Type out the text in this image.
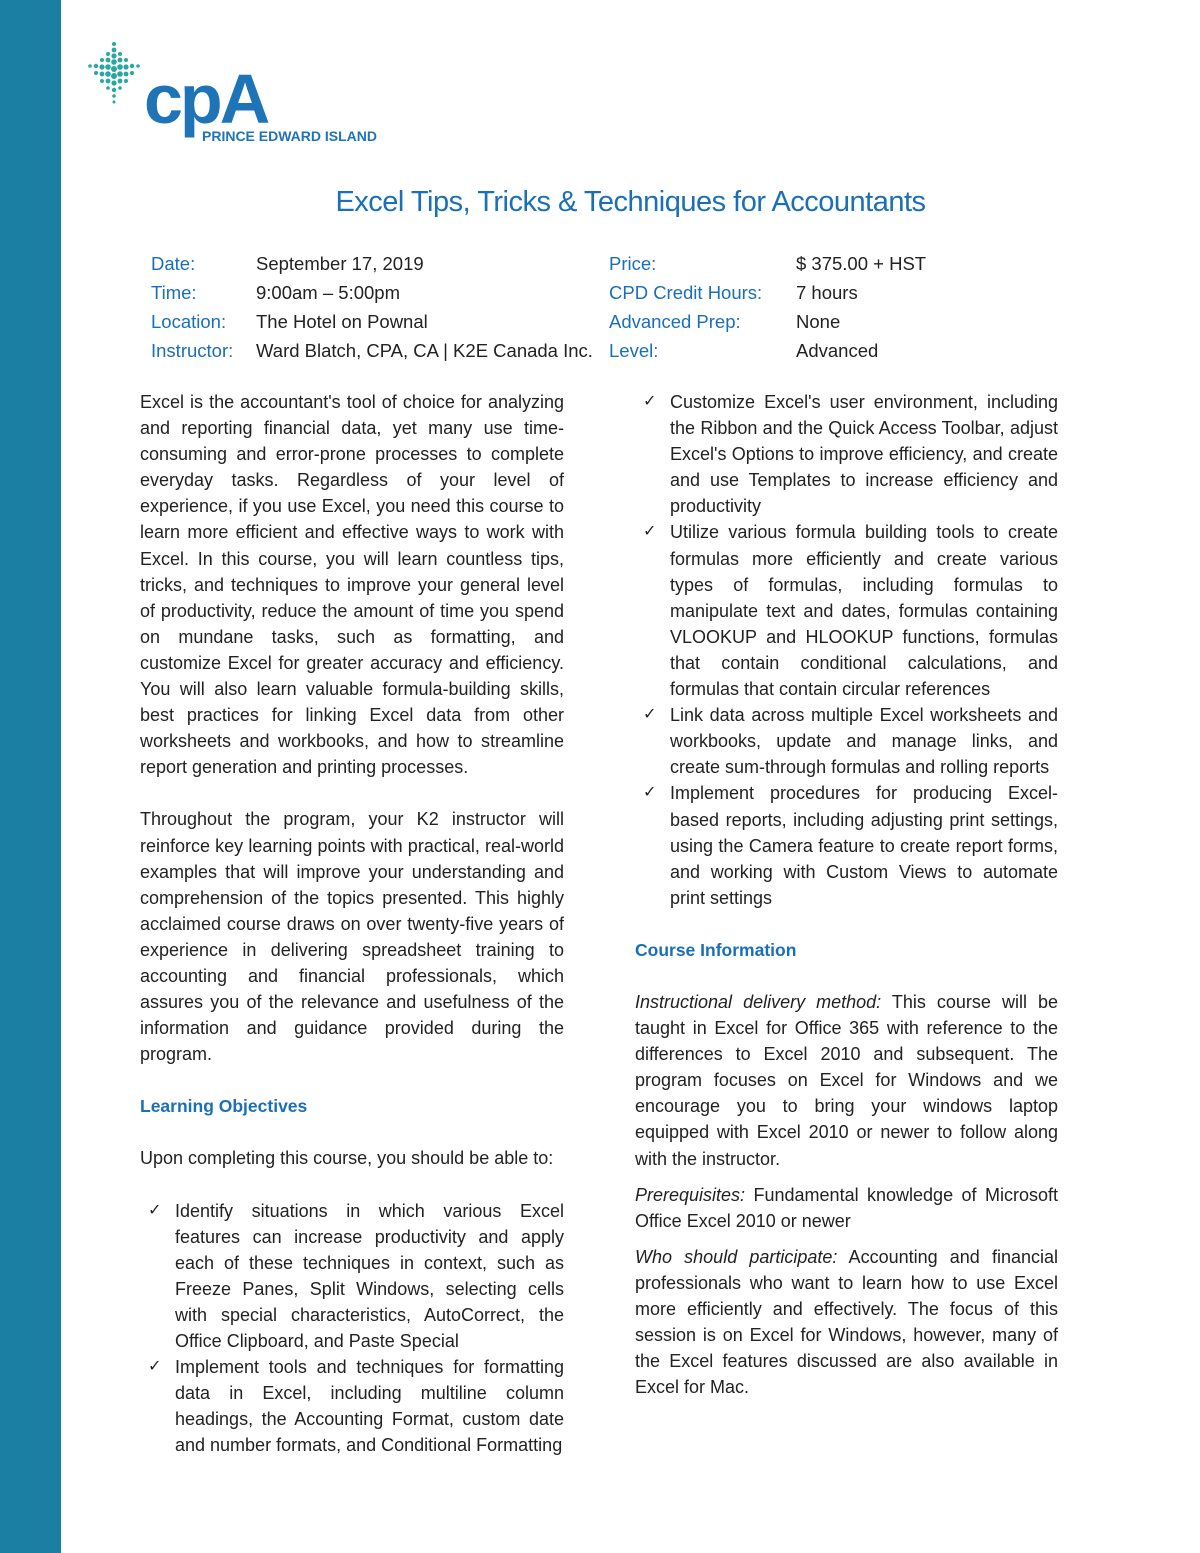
cpA
PRINCE EDWARD ISLAND
Excel Tips, Tricks & Techniques for Accountants
Date:	September 17, 2019
Time:	9:00am – 5:00pm
Location:	The Hotel on Pownal
Instructor:	Ward Blatch, CPA, CA | K2E Canada Inc.
Price:	$ 375.00 + HST
CPD Credit Hours:	7 hours
Advanced Prep:	None
Level:	Advanced

Excel is the accountant's tool of choice for analyzing and reporting financial data, yet many use time-consuming and error-prone processes to complete everyday tasks. Regardless of your level of experience, if you use Excel, you need this course to learn more efficient and effective ways to work with Excel. In this course, you will learn countless tips, tricks, and techniques to improve your general level of productivity, reduce the amount of time you spend on mundane tasks, such as formatting, and customize Excel for greater accuracy and efficiency. You will also learn valuable formula-building skills, best practices for linking Excel data from other worksheets and workbooks, and how to streamline report generation and printing processes.

Throughout the program, your K2 instructor will reinforce key learning points with practical, real-world examples that will improve your understanding and comprehension of the topics presented. This highly acclaimed course draws on over twenty-five years of experience in delivering spreadsheet training to accounting and financial professionals, which assures you of the relevance and usefulness of the information and guidance provided during the program.

Learning Objectives

Upon completing this course, you should be able to:

✓ Identify situations in which various Excel features can increase productivity and apply each of these techniques in context, such as Freeze Panes, Split Windows, selecting cells with special characteristics, AutoCorrect, the Office Clipboard, and Paste Special
✓ Implement tools and techniques for formatting data in Excel, including multiline column headings, the Accounting Format, custom date and number formats, and Conditional Formatting
✓ Customize Excel's user environment, including the Ribbon and the Quick Access Toolbar, adjust Excel's Options to improve efficiency, and create and use Templates to increase efficiency and productivity
✓ Utilize various formula building tools to create formulas more efficiently and create various types of formulas, including formulas to manipulate text and dates, formulas containing VLOOKUP and HLOOKUP functions, formulas that contain conditional calculations, and formulas that contain circular references
✓ Link data across multiple Excel worksheets and workbooks, update and manage links, and create sum-through formulas and rolling reports
✓ Implement procedures for producing Excel-based reports, including adjusting print settings, using the Camera feature to create report forms, and working with Custom Views to automate print settings
Course Information

Instructional delivery method: This course will be taught in Excel for Office 365 with reference to the differences to Excel 2010 and subsequent. The program focuses on Excel for Windows and we encourage you to bring your windows laptop equipped with Excel 2010 or newer to follow along with the instructor.

Prerequisites: Fundamental knowledge of Microsoft Office Excel 2010 or newer

Who should participate: Accounting and financial professionals who want to learn how to use Excel more efficiently and effectively. The focus of this session is on Excel for Windows, however, many of the Excel features discussed are also available in Excel for Mac.
